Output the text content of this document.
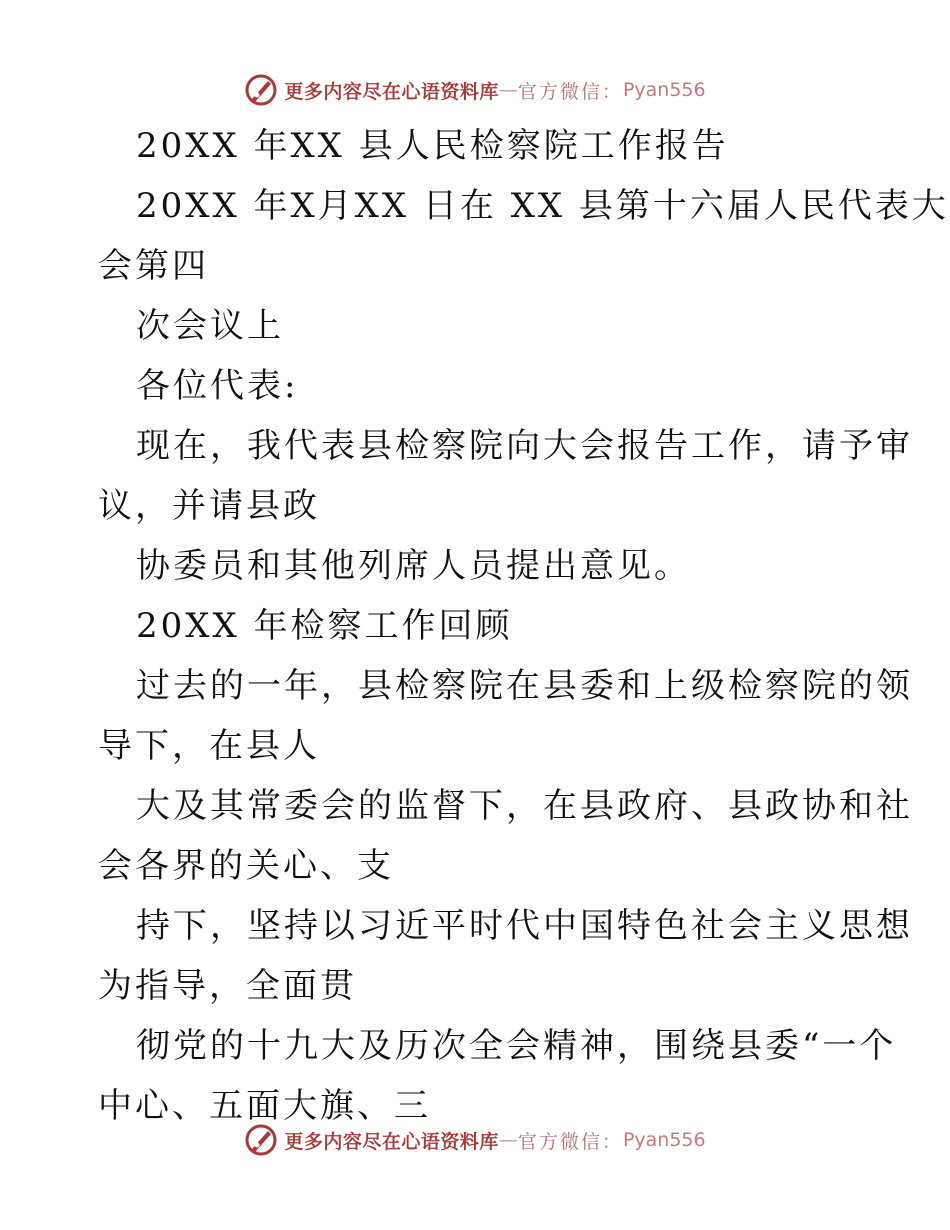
更多内容尽在心语资料库 — 官方微信： Pyan556
20XX 年XX 县人民检察院工作报告
20XX 年X月XX 日在 XX 县第十六届人民代表大
会第四
次会议上
各位代表:
现在，我代表县检察院向大会报告工作，请予审
议，并请县政
协委员和其他列席人员提出意见。
20XX 年检察工作回顾
过去的一年，县检察院在县委和上级检察院的领
导下，在县人
大及其常委会的监督下，在县政府、县政协和社
会各界的关心、支
持下，坚持以习近平时代中国特色社会主义思想
为指导，全面贯
彻党的十九大及历次全会精神，围绕县委“一个
中心、五面大旗、三
更多内容尽在心语资料库 — 官方微信： Pyan556
